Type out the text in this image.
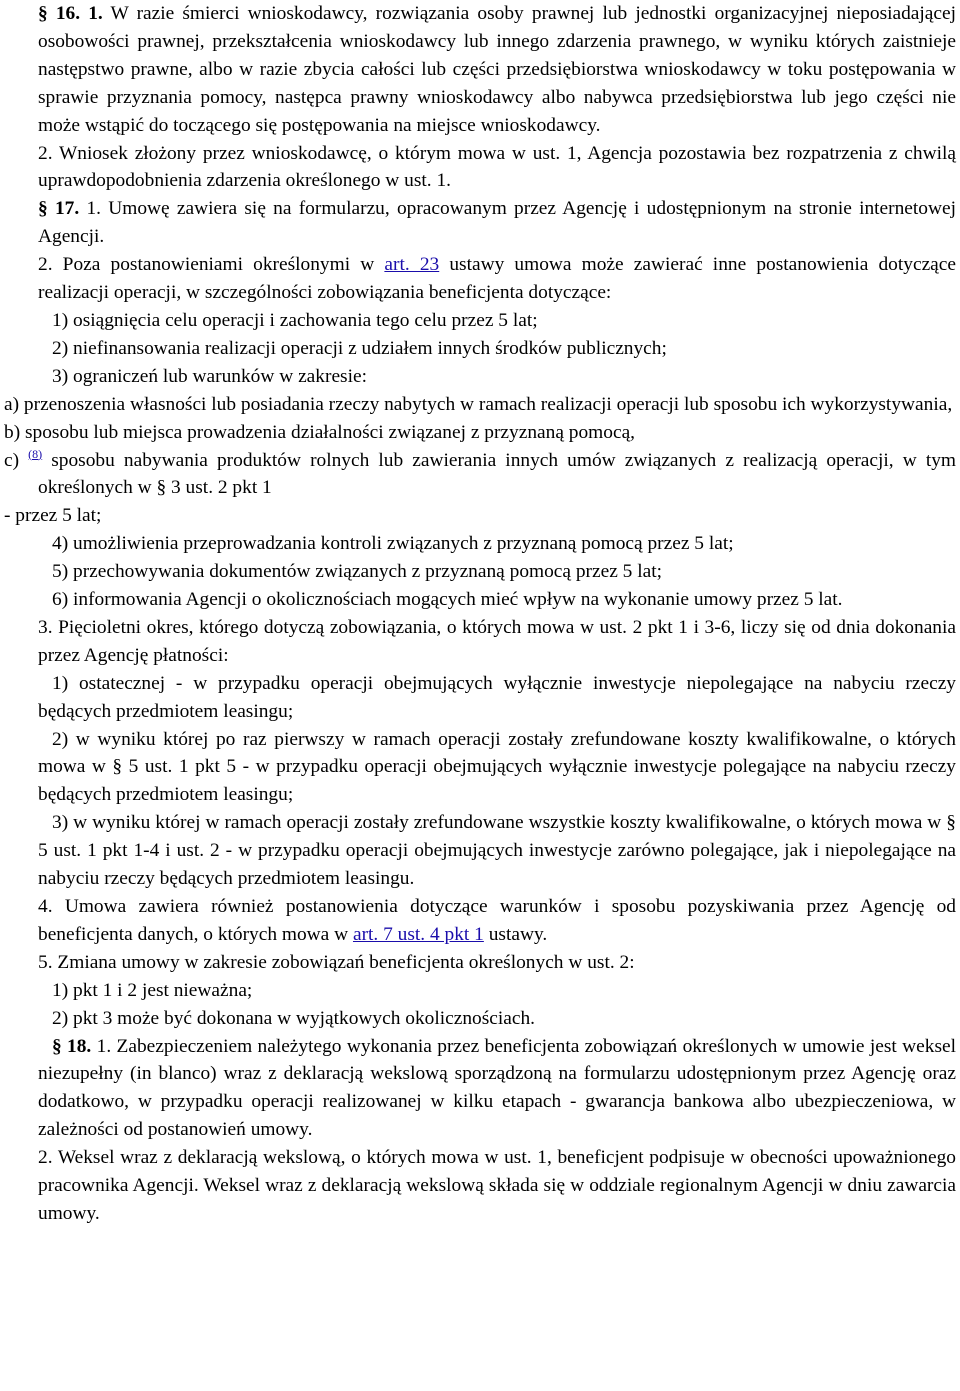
§ 16. 1. W razie śmierci wnioskodawcy, rozwiązania osoby prawnej lub jednostki organizacyjnej nieposiadającej osobowości prawnej, przekształcenia wnioskodawcy lub innego zdarzenia prawnego, w wyniku których zaistnieje następstwo prawne, albo w razie zbycia całości lub części przedsiębiorstwa wnioskodawcy w toku postępowania w sprawie przyznania pomocy, następca prawny wnioskodawcy albo nabywca przedsiębiorstwa lub jego części nie może wstąpić do toczącego się postępowania na miejsce wnioskodawcy.

2. Wniosek złożony przez wnioskodawcę, o którym mowa w ust. 1, Agencja pozostawia bez rozpatrzenia z chwilą uprawdopodobnienia zdarzenia określonego w ust. 1.

§ 17. 1. Umowę zawiera się na formularzu, opracowanym przez Agencję i udostępnionym na stronie internetowej Agencji.

2. Poza postanowieniami określonymi w art. 23 ustawy umowa może zawierać inne postanowienia dotyczące realizacji operacji, w szczególności zobowiązania beneficjenta dotyczące:

1) osiągnięcia celu operacji i zachowania tego celu przez 5 lat;

2) niefinansowania realizacji operacji z udziałem innych środków publicznych;

3) ograniczeń lub warunków w zakresie:

a) przenoszenia własności lub posiadania rzeczy nabytych w ramach realizacji operacji lub sposobu ich wykorzystywania,

b) sposobu lub miejsca prowadzenia działalności związanej z przyznaną pomocą,

c) $^{(8)}$ sposobu nabywania produktów rolnych lub zawierania innych umów związanych z realizacją operacji, w tym określonych w § 3 ust. 2 pkt 1

- przez 5 lat;

4) umożliwienia przeprowadzania kontroli związanych z przyznaną pomocą przez 5 lat;

5) przechowywania dokumentów związanych z przyznaną pomocą przez 5 lat;

6) informowania Agencji o okolicznościach mogących mieć wpływ na wykonanie umowy przez 5 lat.

3. Pięcioletni okres, którego dotyczą zobowiązania, o których mowa w ust. 2 pkt 1 i 3-6, liczy się od dnia dokonania przez Agencję płatności:

1) ostatecznej - w przypadku operacji obejmujących wyłącznie inwestycje niepolegające na nabyciu rzeczy będących przedmiotem leasingu;

2) w wyniku której po raz pierwszy w ramach operacji zostały zrefundowane koszty kwalifikowalne, o których mowa w § 5 ust. 1 pkt 5 - w przypadku operacji obejmujących wyłącznie inwestycje polegające na nabyciu rzeczy będących przedmiotem leasingu;

3) w wyniku której w ramach operacji zostały zrefundowane wszystkie koszty kwalifikowalne, o których mowa w § 5 ust. 1 pkt 1-4 i ust. 2 - w przypadku operacji obejmujących inwestycje zarówno polegające, jak i niepolegające na nabyciu rzeczy będących przedmiotem leasingu.

4. Umowa zawiera również postanowienia dotyczące warunków i sposobu pozyskiwania przez Agencję od beneficjenta danych, o których mowa w art. 7 ust. 4 pkt 1 ustawy.

5. Zmiana umowy w zakresie zobowiązań beneficjenta określonych w ust. 2:

1) pkt 1 i 2 jest nieważna;

2) pkt 3 może być dokonana w wyjątkowych okolicznościach.

§ 18. 1. Zabezpieczeniem należytego wykonania przez beneficjenta zobowiązań określonych w umowie jest weksel niezupełny (in blanco) wraz z deklaracją wekslową sporządzoną na formularzu udostępnionym przez Agencję oraz dodatkowo, w przypadku operacji realizowanej w kilku etapach - gwarancja bankowa albo ubezpieczeniowa, w zależności od postanowień umowy.

2. Weksel wraz z deklaracją wekslową, o których mowa w ust. 1, beneficjent podpisuje w obecności upoważnionego pracownika Agencji. Weksel wraz z deklaracją wekslową składa się w oddziale regionalnym Agencji w dniu zawarcia umowy.
